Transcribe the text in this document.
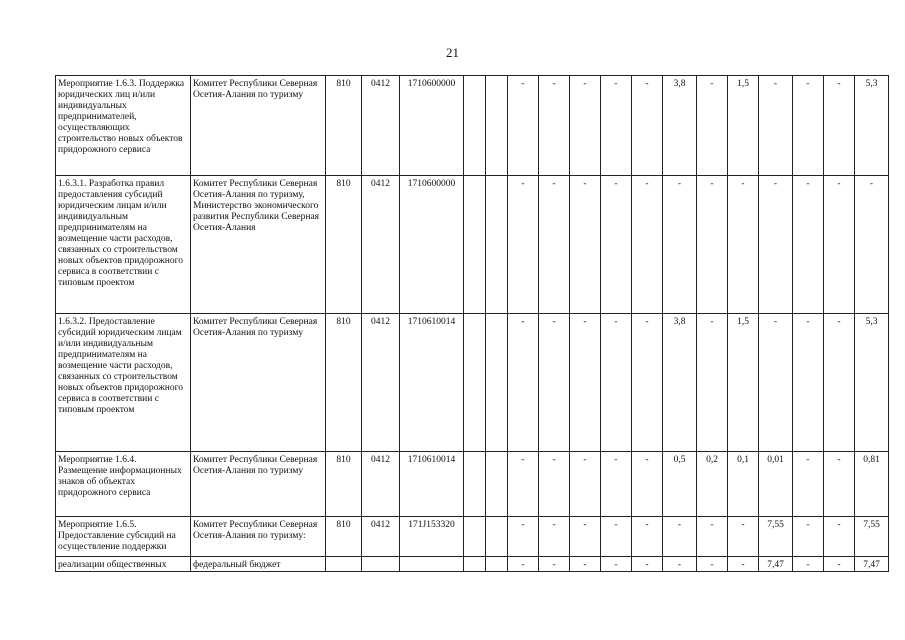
21
Мероприятие 1.6.3. Поддержка юридических лиц и/или индивидуальных предпринимателей, осуществляющих строительство новых объектов придорожного сервиса	Комитет Республики Северная Осетия-Алания по туризму	810	0412	1710600000			-	-	-	-	-	3,8	-	1,5	-	-	-	5,3
1.6.3.1. Разработка правил предоставления субсидий юридическим лицам и/или индивидуальным предпринимателям на возмещение части расходов, связанных со строительством новых объектов придорожного сервиса в соответствии с типовым проектом	Комитет Республики Северная Осетия-Алания по туризму, Министерство экономического развития Республики Северная Осетия-Алания	810	0412	1710600000			-	-	-	-	-	-	-	-	-	-	-	-
1.6.3.2. Предоставление субсидий юридическим лицам и/или индивидуальным предпринимателям на возмещение части расходов, связанных со строительством новых объектов придорожного сервиса в соответствии с типовым проектом	Комитет Республики Северная Осетия-Алания по туризму	810	0412	1710610014			-	-	-	-	-	3,8	-	1,5	-	-	-	5,3
Мероприятие 1.6.4. Размещение информационных знаков об объектах придорожного сервиса	Комитет Республики Северная Осетия-Алания по туризму	810	0412	1710610014			-	-	-	-	-	0,5	0,2	0,1	0,01	-	-	0,81
Мероприятие 1.6.5. Предоставление субсидий на осуществление поддержки	Комитет Республики Северная Осетия-Алания по туризму:	810	0412	171J153320			-	-	-	-	-	-	-	-	7,55	-	-	7,55
реализации общественных	федеральный бюджет						-	-	-	-	-	-	-	-	7,47	-	-	7,47
